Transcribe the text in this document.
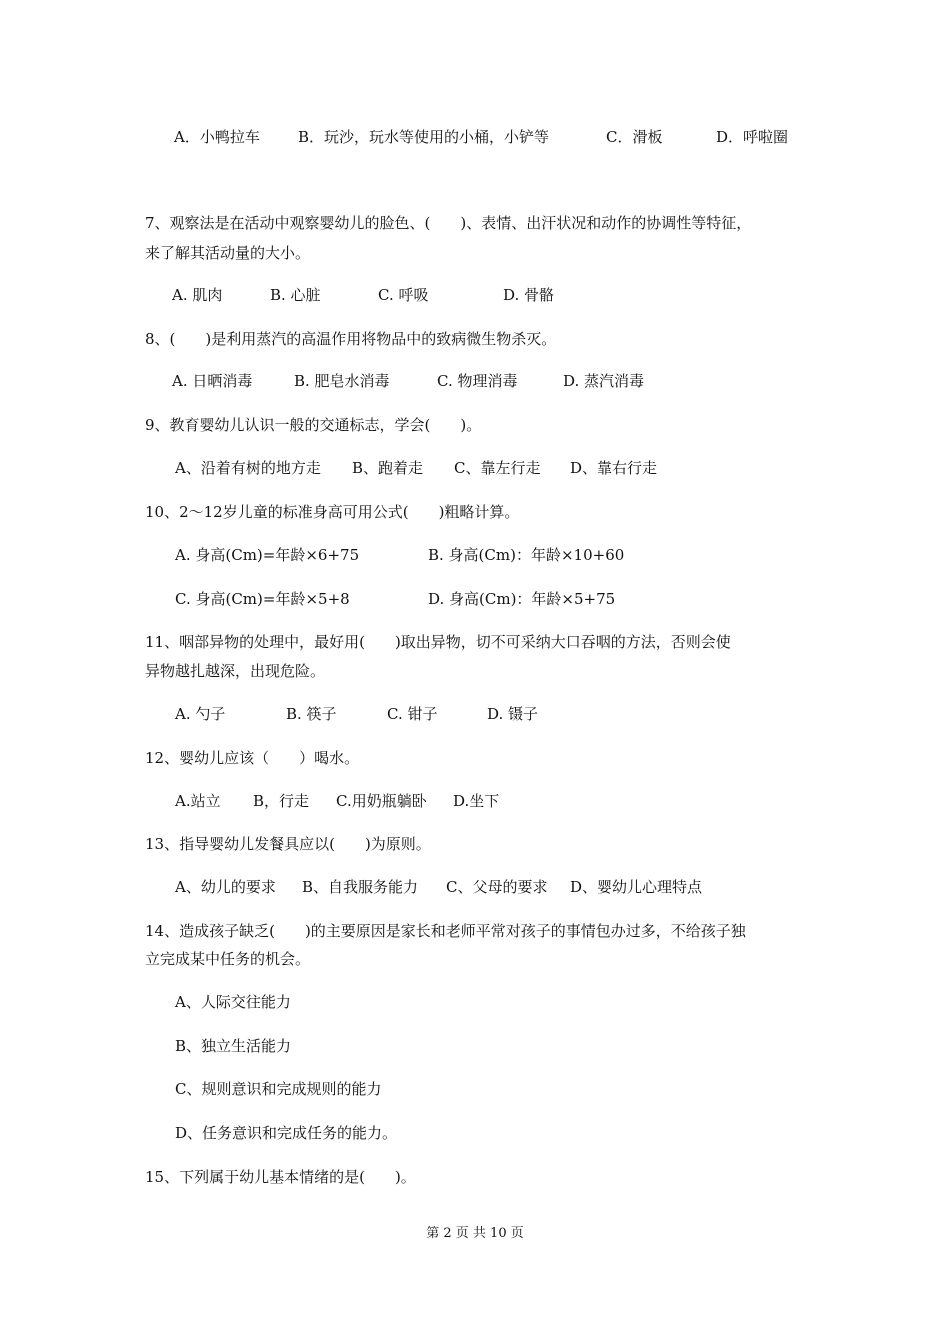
A．小鸭拉车

	B．玩沙，玩水等使用的小桶，小铲等

	C．滑板

	D．呼啦圈

7、观察法是在活动中观察婴幼儿的脸色、(　　)、表情、出汗状况和动作的协调性等特征，

来了解其活动量的大小。

A. 肌肉

	B. 心脏

	C. 呼吸

	D. 骨骼

8、(　　)是利用蒸汽的高温作用将物品中的致病微生物杀灭。

A. 日晒消毒

	B. 肥皂水消毒

	C. 物理消毒

	D. 蒸汽消毒

9、教育婴幼儿认识一般的交通标志，学会(　　)。

A、沿着有树的地方走

B、跑着走

C、靠左行走

D、靠右行走

10、2～12岁儿童的标准身高可用公式(　　)粗略计算。

A. 身高(Cm)=年龄×6+75

	B. 身高(Cm)：年龄×10+60

C. 身高(Cm)=年龄×5+8

	D. 身高(Cm)：年龄×5+75

11、咽部异物的处理中，最好用(　　)取出异物，切不可采纳大口吞咽的方法，否则会使

异物越扎越深，出现危险。

A. 勺子

	B. 筷子

	C. 钳子

	D. 镊子

12、婴幼儿应该（　　）喝水。

A.站立

B，行走

C.用奶瓶躺卧

D.坐下

13、指导婴幼儿发餐具应以(　　)为原则。

A、幼儿的要求

B、自我服务能力

C、父母的要求

D、婴幼儿心理特点

14、造成孩子缺乏(　　)的主要原因是家长和老师平常对孩子的事情包办过多，不给孩子独

立完成某中任务的机会。

A、人际交往能力

B、独立生活能力

C、规则意识和完成规则的能力

D、任务意识和完成任务的能力。

15、下列属于幼儿基本情绪的是(　　)。

第 2 页 共 10 页
